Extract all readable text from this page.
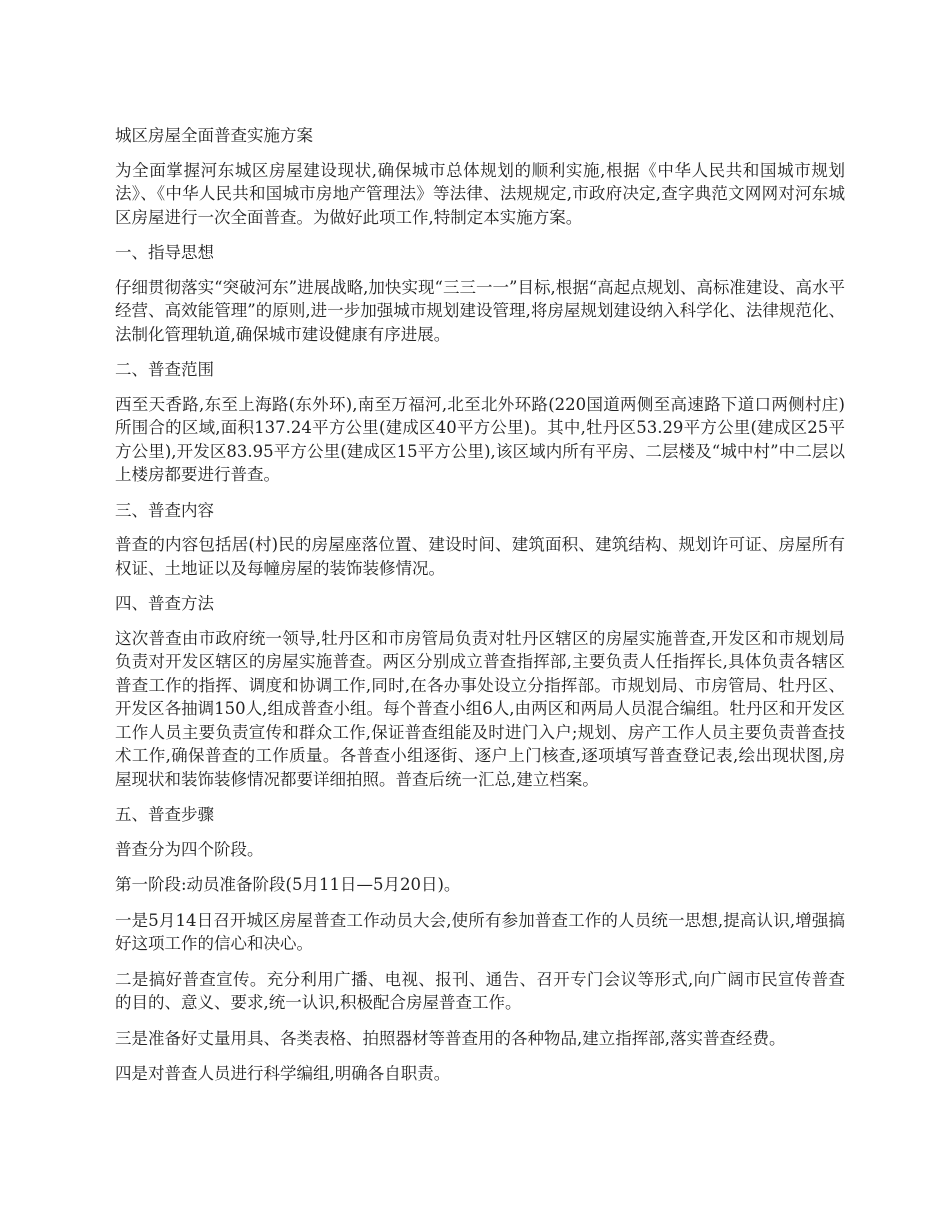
城区房屋全面普查实施方案

为全面掌握河东城区房屋建设现状,确保城市总体规划的顺利实施,根据《中华人民共和国城市规划法》、《中华人民共和国城市房地产管理法》等法律、法规规定,市政府决定,查字典范文网网对河东城区房屋进行一次全面普查。为做好此项工作,特制定本实施方案。

一、指导思想

仔细贯彻落实“突破河东”进展战略,加快实现“三三一一”目标,根据“高起点规划、高标准建设、高水平经营、高效能管理”的原则,进一步加强城市规划建设管理,将房屋规划建设纳入科学化、法律规范化、法制化管理轨道,确保城市建设健康有序进展。

二、普查范围

西至天香路,东至上海路(东外环),南至万福河,北至北外环路(220国道两侧至高速路下道口两侧村庄)所围合的区域,面积137.24平方公里(建成区40平方公里)。其中,牡丹区53.29平方公里(建成区25平方公里),开发区83.95平方公里(建成区15平方公里),该区域内所有平房、二层楼及“城中村”中二层以上楼房都要进行普查。

三、普查内容

普查的内容包括居(村)民的房屋座落位置、建设时间、建筑面积、建筑结构、规划许可证、房屋所有权证、土地证以及每幢房屋的装饰装修情况。

四、普查方法

这次普查由市政府统一领导,牡丹区和市房管局负责对牡丹区辖区的房屋实施普查,开发区和市规划局负责对开发区辖区的房屋实施普查。两区分别成立普查指挥部,主要负责人任指挥长,具体负责各辖区普查工作的指挥、调度和协调工作,同时,在各办事处设立分指挥部。市规划局、市房管局、牡丹区、开发区各抽调150人,组成普查小组。每个普查小组6人,由两区和两局人员混合编组。牡丹区和开发区工作人员主要负责宣传和群众工作,保证普查组能及时进门入户;规划、房产工作人员主要负责普查技术工作,确保普查的工作质量。各普查小组逐街、逐户上门核查,逐项填写普查登记表,绘出现状图,房屋现状和装饰装修情况都要详细拍照。普查后统一汇总,建立档案。

五、普查步骤

普查分为四个阶段。

第一阶段:动员准备阶段(5月11日—5月20日)。

一是5月14日召开城区房屋普查工作动员大会,使所有参加普查工作的人员统一思想,提高认识,增强搞好这项工作的信心和决心。

二是搞好普查宣传。充分利用广播、电视、报刊、通告、召开专门会议等形式,向广阔市民宣传普查的目的、意义、要求,统一认识,积极配合房屋普查工作。

三是准备好丈量用具、各类表格、拍照器材等普查用的各种物品,建立指挥部,落实普查经费。

四是对普查人员进行科学编组,明确各自职责。
